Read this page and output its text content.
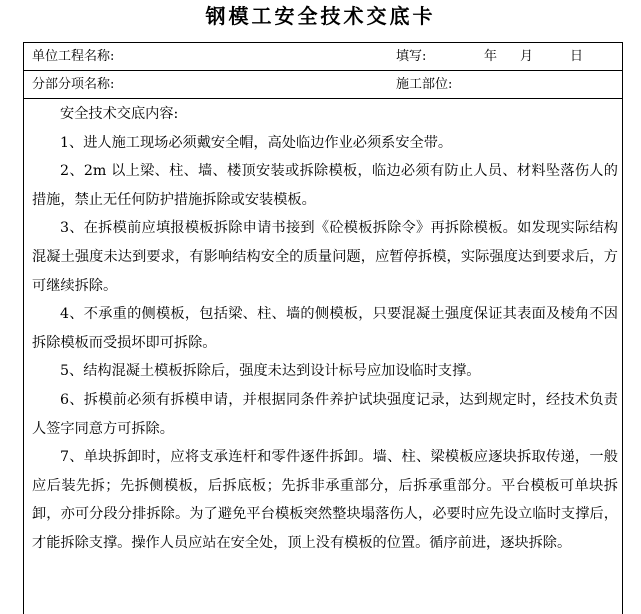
钢模工安全技术交底卡
单位工程名称:	填写:	年 月	日
分部分项名称:	施工部位:

安全技术交底内容:

1、进人施工现场必须戴安全帽，高处临边作业必须系安全带。

2、2m 以上梁、柱、墙、楼顶安装或拆除模板，临边必须有防止人员、材料坠落伤人的措施，禁止无任何防护措施拆除或安装模板。

3、在拆模前应填报模板拆除申请书接到《砼模板拆除令》再拆除模板。如发现实际结构混凝土强度未达到要求，有影响结构安全的质量问题，应暂停拆模，实际强度达到要求后，方可继续拆除。

4、不承重的侧模板，包括梁、柱、墙的侧模板，只要混凝土强度保证其表面及棱角不因拆除模板而受损坏即可拆除。

5、结构混凝土模板拆除后，强度未达到设计标号应加设临时支撑。

6、拆模前必须有拆模申请，并根据同条件养护试块强度记录，达到规定时，经技术负责人签字同意方可拆除。

7、单块拆卸时，应将支承连杆和零件逐件拆卸。墙、柱、梁模板应逐块拆取传递，一般应后装先拆；先拆侧模板，后拆底板；先拆非承重部分，后拆承重部分。平台模板可单块拆卸，亦可分段分排拆除。为了避免平台模板突然整块塌落伤人，必要时应先设立临时支撑后，才能拆除支撑。操作人员应站在安全处，顶上没有模板的位置。循序前进，逐块拆除。
